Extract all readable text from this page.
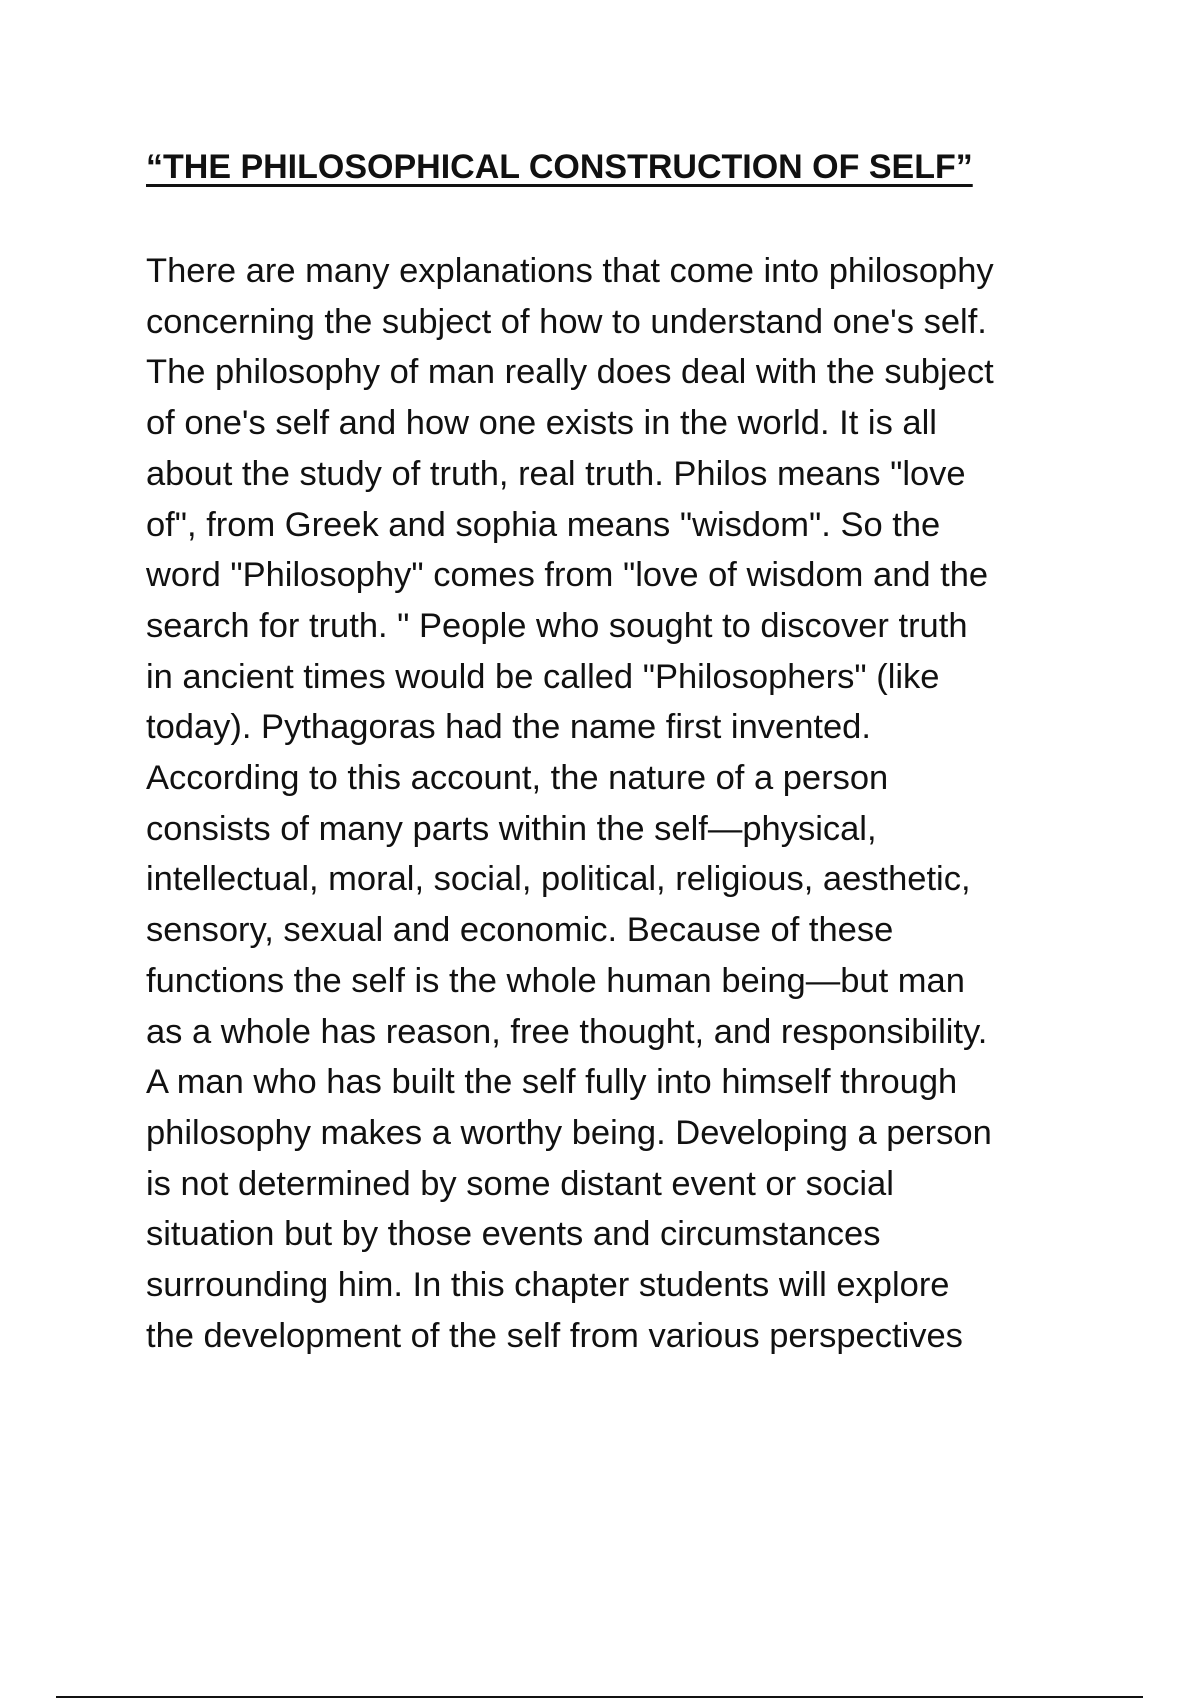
“THE PHILOSOPHICAL CONSTRUCTION OF SELF”
There are many explanations that come into philosophy
concerning the subject of how to understand one's self.
The philosophy of man really does deal with the subject
of one's self and how one exists in the world. It is all
about the study of truth, real truth. Philos means "love
of", from Greek and sophia means "wisdom". So the
word "Philosophy" comes from "love of wisdom and the
search for truth. " People who sought to discover truth
in ancient times would be called "Philosophers" (like
today). Pythagoras had the name first invented.
According to this account, the nature of a person
consists of many parts within the self—physical,
intellectual, moral, social, political, religious, aesthetic,
sensory, sexual and economic. Because of these
functions the self is the whole human being—but man
as a whole has reason, free thought, and responsibility.
A man who has built the self fully into himself through
philosophy makes a worthy being. Developing a person
is not determined by some distant event or social
situation but by those events and circumstances
surrounding him. In this chapter students will explore
the development of the self from various perspectives
